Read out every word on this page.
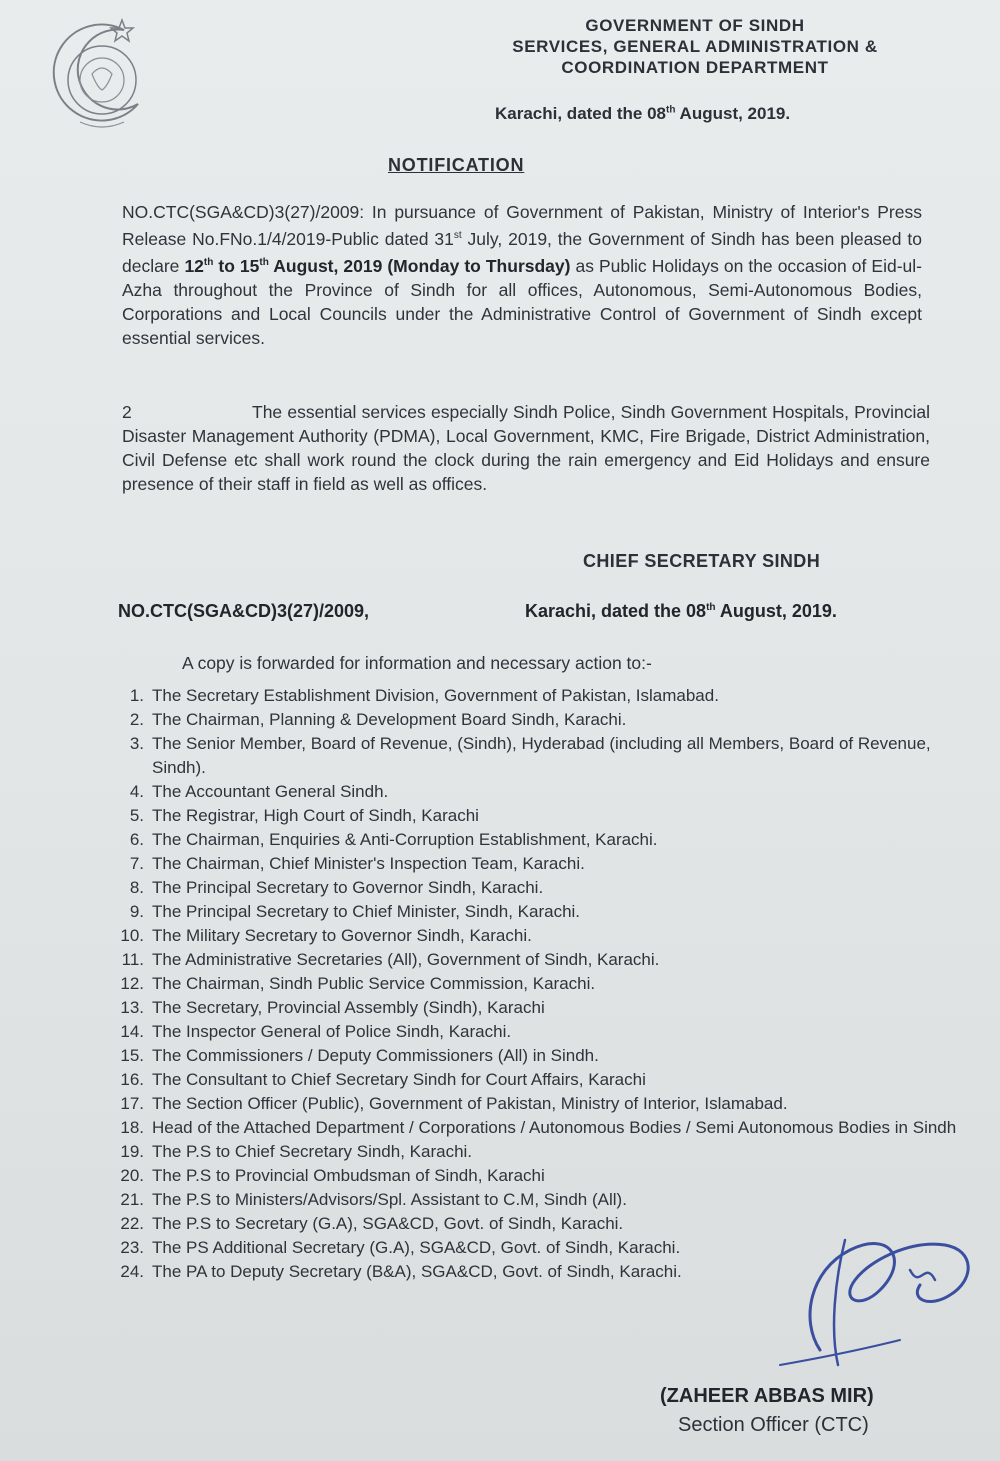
GOVERNMENT OF SINDH
SERVICES, GENERAL ADMINISTRATION &
COORDINATION DEPARTMENT
Karachi, dated the 08th August, 2019.
NOTIFICATION
NO.CTC(SGA&CD)3(27)/2009: In pursuance of Government of Pakistan, Ministry of Interior's Press Release No.FNo.1/4/2019-Public dated 31st July, 2019, the Government of Sindh has been pleased to declare 12th to 15th August, 2019 (Monday to Thursday) as Public Holidays on the occasion of Eid-ul-Azha throughout the Province of Sindh for all offices, Autonomous, Semi-Autonomous Bodies, Corporations and Local Councils under the Administrative Control of Government of Sindh except essential services.
2	The essential services especially Sindh Police, Sindh Government Hospitals, Provincial Disaster Management Authority (PDMA), Local Government, KMC, Fire Brigade, District Administration, Civil Defense etc shall work round the clock during the rain emergency and Eid Holidays and ensure presence of their staff in field as well as offices.
CHIEF SECRETARY SINDH
NO.CTC(SGA&CD)3(27)/2009,	Karachi, dated the 08th August, 2019.
A copy is forwarded for information and necessary action to:-
1. The Secretary Establishment Division, Government of Pakistan, Islamabad.
2. The Chairman, Planning & Development Board Sindh, Karachi.
3. The Senior Member, Board of Revenue, (Sindh), Hyderabad (including all Members, Board of Revenue, Sindh).
4. The Accountant General Sindh.
5. The Registrar, High Court of Sindh, Karachi
6. The Chairman, Enquiries & Anti-Corruption Establishment, Karachi.
7. The Chairman, Chief Minister's Inspection Team, Karachi.
8. The Principal Secretary to Governor Sindh, Karachi.
9. The Principal Secretary to Chief Minister, Sindh, Karachi.
10. The Military Secretary to Governor Sindh, Karachi.
11. The Administrative Secretaries (All), Government of Sindh, Karachi.
12. The Chairman, Sindh Public Service Commission, Karachi.
13. The Secretary, Provincial Assembly (Sindh), Karachi
14. The Inspector General of Police Sindh, Karachi.
15. The Commissioners / Deputy Commissioners (All) in Sindh.
16. The Consultant to Chief Secretary Sindh for Court Affairs, Karachi
17. The Section Officer (Public), Government of Pakistan, Ministry of Interior, Islamabad.
18. Head of the Attached Department / Corporations / Autonomous Bodies / Semi Autonomous Bodies in Sindh
19. The P.S to Chief Secretary Sindh, Karachi.
20. The P.S to Provincial Ombudsman of Sindh, Karachi
21. The P.S to Ministers/Advisors/Spl. Assistant to C.M, Sindh (All).
22. The P.S to Secretary (G.A), SGA&CD, Govt. of Sindh, Karachi.
23. The PS Additional Secretary (G.A), SGA&CD, Govt. of Sindh, Karachi.
24. The PA to Deputy Secretary (B&A), SGA&CD, Govt. of Sindh, Karachi.
(ZAHEER ABBAS MIR)
Section Officer (CTC)
